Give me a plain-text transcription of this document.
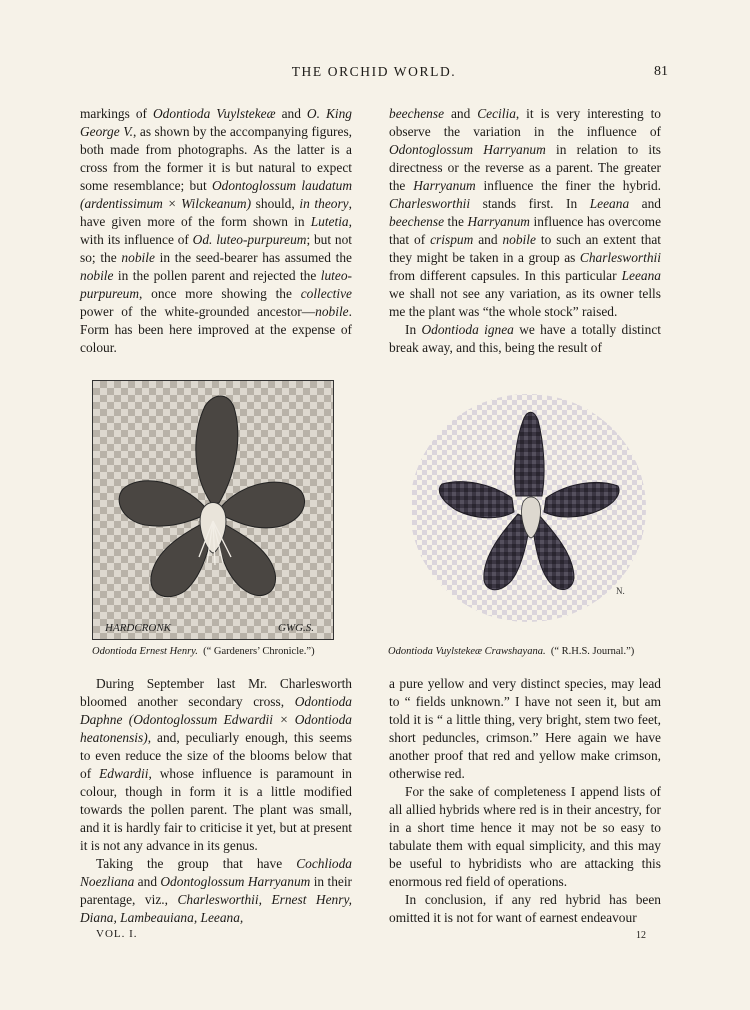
THE ORCHID WORLD.	81

markings of Odontioda Vuylstekeæ and O. King George V., as shown by the accompanying figures, both made from photographs. As the latter is a cross from the former it is but natural to expect some resemblance; but Odontoglossum laudatum (ardentissimum × Wilckeanum) should, in theory, have given more of the form shown in Lutetia, with its influence of Od. luteo-purpureum; but not so; the nobile in the seed-bearer has assumed the nobile in the pollen parent and rejected the luteo-purpureum, once more showing the collective power of the white-grounded ancestor—nobile. Form has been here improved at the expense of colour.

beechense and Cecilia, it is very interesting to observe the variation in the influence of Odontoglossum Harryanum in relation to its directness or the reverse as a parent. The greater the Harryanum influence the finer the hybrid. Charlesworthii stands first. In Leeana and beechense the Harryanum influence has overcome that of crispum and nobile to such an extent that they might be taken in a group as Charlesworthii from different capsules. In this particular Leeana we shall not see any variation, as its owner tells me the plant was “the whole stock” raised.

In Odontioda ignea we have a totally distinct break away, and this, being the result of

HARDCRONK	GWG.S.
N.
Odontioda Ernest Henry. (“ Gardeners’ Chronicle.”)	Odontioda Vuylstekeæ Crawshayana. (“ R.H.S. Journal.”)

During September last Mr. Charlesworth bloomed another secondary cross, Odontioda Daphne (Odontoglossum Edwardii × Odontioda heatonensis), and, peculiarly enough, this seems to even reduce the size of the blooms below that of Edwardii, whose influence is paramount in colour, though in form it is a little modified towards the pollen parent. The plant was small, and it is hardly fair to criticise it yet, but at present it is not any advance in its genus.

Taking the group that have Cochlioda Noezliana and Odontoglossum Harryanum in their parentage, viz., Charlesworthii, Ernest Henry, Diana, Lambeauiana, Leeana,

a pure yellow and very distinct species, may lead to “ fields unknown.” I have not seen it, but am told it is “ a little thing, very bright, stem two feet, short peduncles, crimson.” Here again we have another proof that red and yellow make crimson, otherwise red.

For the sake of completeness I append lists of all allied hybrids where red is in their ancestry, for in a short time hence it may not be so easy to tabulate them with equal simplicity, and this may be useful to hybridists who are attacking this enormous red field of operations.

In conclusion, if any red hybrid has been omitted it is not for want of earnest endeavour

VOL. I.	12
